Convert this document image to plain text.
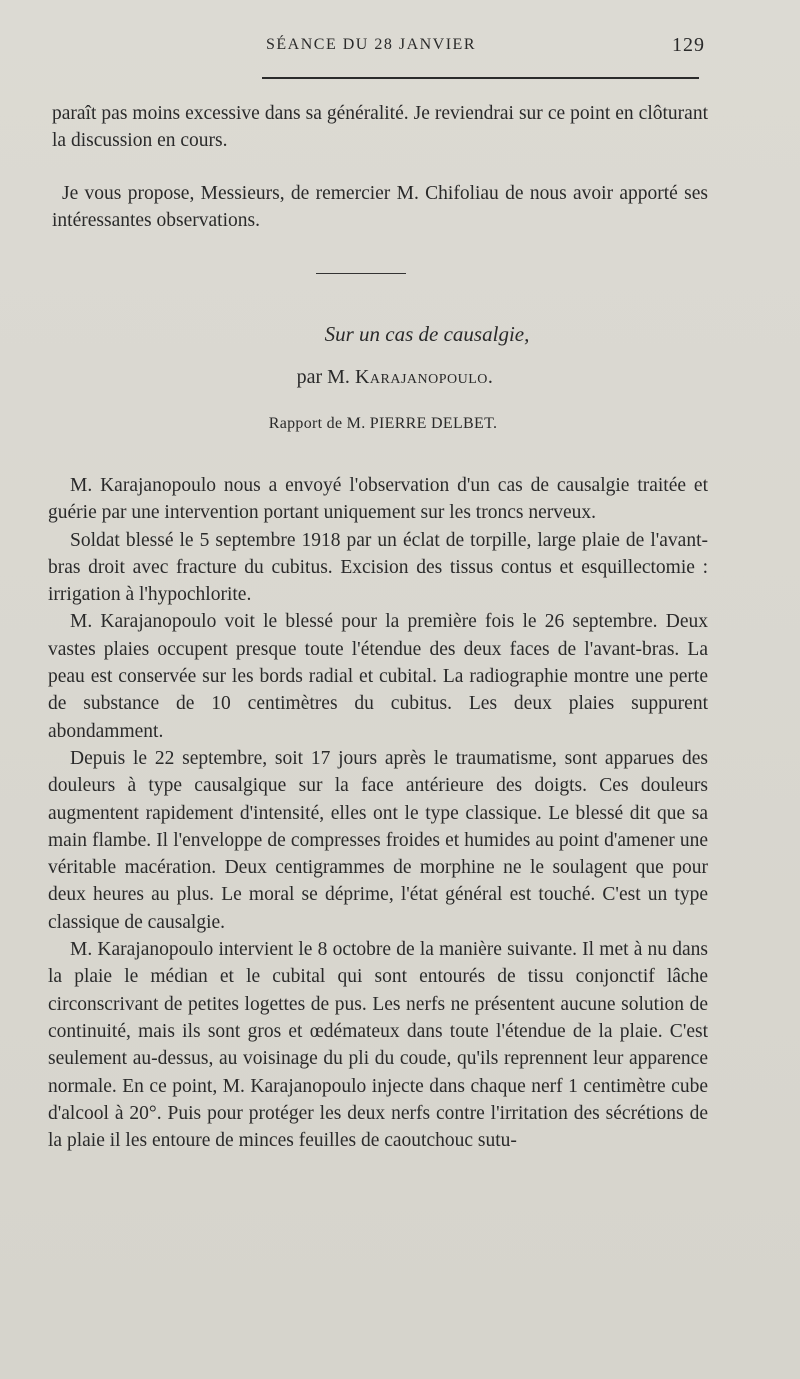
SÉANCE DU 28 JANVIER	129
paraît pas moins excessive dans sa généralité. Je reviendrai sur ce point en clôturant la discussion en cours.
Je vous propose, Messieurs, de remercier M. Chifoliau de nous avoir apporté ses intéressantes observations.
Sur un cas de causalgie,
par M. Karajanopoulo.
Rapport de M. PIERRE DELBET.

M. Karajanopoulo nous a envoyé l'observation d'un cas de causalgie traitée et guérie par une intervention portant uniquement sur les troncs nerveux.

Soldat blessé le 5 septembre 1918 par un éclat de torpille, large plaie de l'avant-bras droit avec fracture du cubitus. Excision des tissus contus et esquillectomie : irrigation à l'hypochlorite.

M. Karajanopoulo voit le blessé pour la première fois le 26 septembre. Deux vastes plaies occupent presque toute l'étendue des deux faces de l'avant-bras. La peau est conservée sur les bords radial et cubital. La radiographie montre une perte de substance de 10 centimètres du cubitus. Les deux plaies suppurent abondamment.

Depuis le 22 septembre, soit 17 jours après le traumatisme, sont apparues des douleurs à type causalgique sur la face antérieure des doigts. Ces douleurs augmentent rapidement d'intensité, elles ont le type classique. Le blessé dit que sa main flambe. Il l'enveloppe de compresses froides et humides au point d'amener une véritable macération. Deux centigrammes de morphine ne le soulagent que pour deux heures au plus. Le moral se déprime, l'état général est touché. C'est un type classique de causalgie.

M. Karajanopoulo intervient le 8 octobre de la manière suivante. Il met à nu dans la plaie le médian et le cubital qui sont entourés de tissu conjonctif lâche circonscrivant de petites logettes de pus. Les nerfs ne présentent aucune solution de continuité, mais ils sont gros et œdémateux dans toute l'étendue de la plaie. C'est seulement au-dessus, au voisinage du pli du coude, qu'ils reprennent leur apparence normale. En ce point, M. Karajanopoulo injecte dans chaque nerf 1 centimètre cube d'alcool à 20°. Puis pour protéger les deux nerfs contre l'irritation des sécrétions de la plaie il les entoure de minces feuilles de caoutchouc sutu-
